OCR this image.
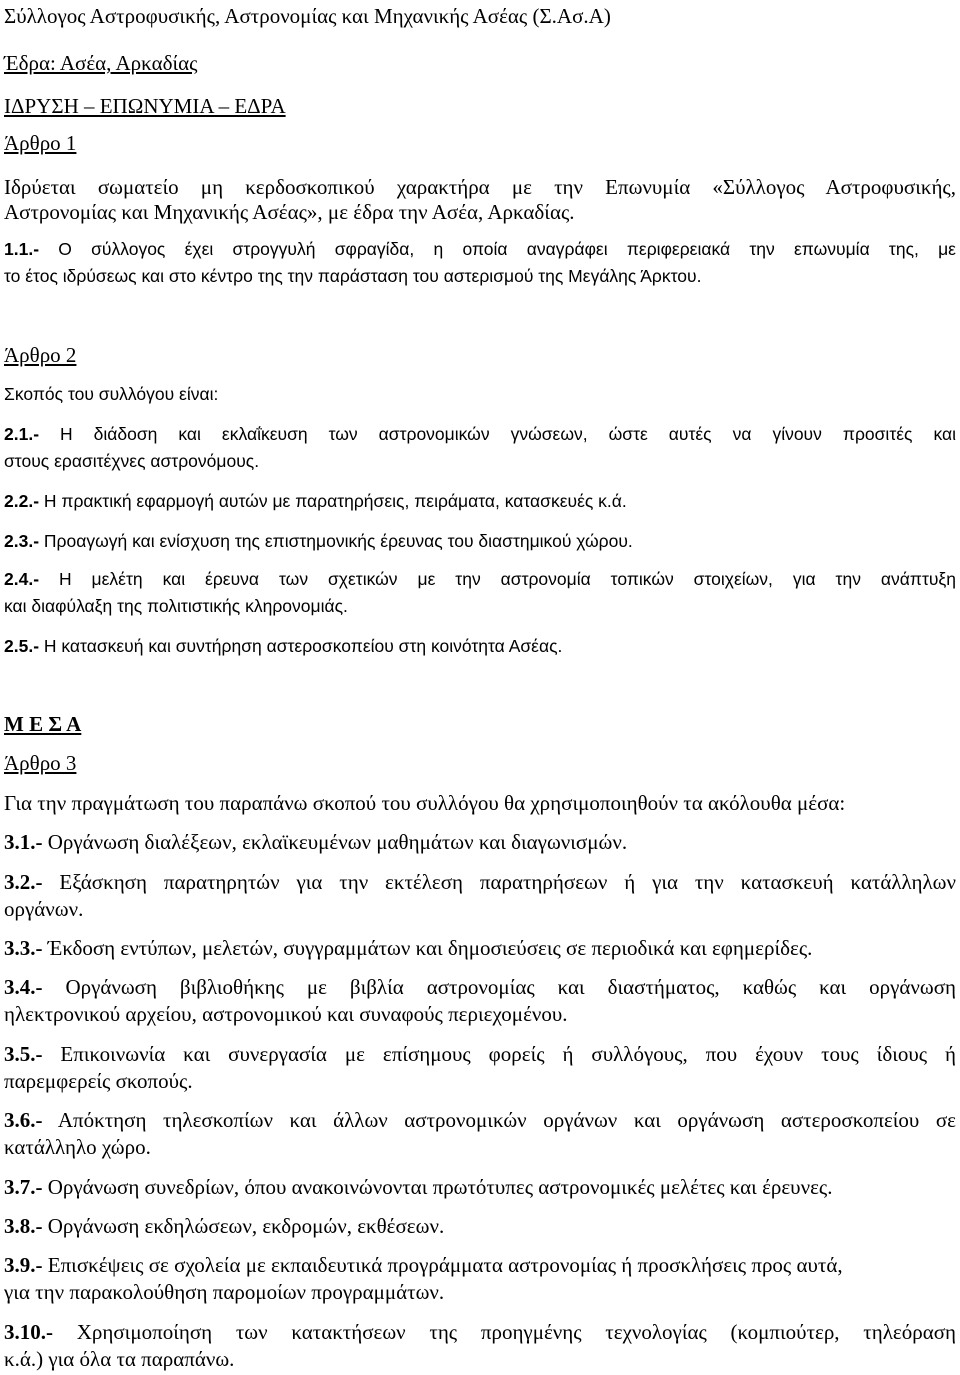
Σύλλογος Αστροφυσικής, Αστρονομίας και Μηχανικής Ασέας (Σ.Ασ.Α)
Έδρα: Ασέα, Αρκαδίας
ΙΔΡΥΣΗ – ΕΠΩΝΥΜΙΑ – ΕΔΡΑ
Άρθρο 1
Ιδρύεται σωματείο μη κερδοσκοπικού χαρακτήρα με την Επωνυμία «Σύλλογος Αστροφυσικής,
Αστρονομίας και Μηχανικής Ασέας», με έδρα την Ασέα, Αρκαδίας.
1.1.- Ο σύλλογος έχει στρογγυλή σφραγίδα, η οποία αναγράφει περιφερειακά την επωνυμία της, με
το έτος ιδρύσεως και στο κέντρο της την παράσταση του αστερισμού της Μεγάλης Άρκτου.
Άρθρο 2
Σκοπός του συλλόγου είναι:
2.1.- Η διάδοση και εκλαΐκευση των αστρονομικών γνώσεων, ώστε αυτές να γίνουν προσιτές και
στους ερασιτέχνες αστρονόμους.
2.2.- Η πρακτική εφαρμογή αυτών με παρατηρήσεις, πειράματα, κατασκευές κ.ά.
2.3.- Προαγωγή και ενίσχυση της επιστημονικής έρευνας του διαστημικού χώρου.
2.4.- Η μελέτη και έρευνα των σχετικών με την αστρονομία τοπικών στοιχείων, για την ανάπτυξη
και διαφύλαξη της πολιτιστικής κληρονομιάς.
2.5.- Η κατασκευή και συντήρηση αστεροσκοπείου στη κοινότητα Ασέας.
Μ Ε Σ Α
Άρθρο 3
Για την πραγμάτωση του παραπάνω σκοπού του συλλόγου θα χρησιμοποιηθούν τα ακόλουθα μέσα:
3.1.- Οργάνωση διαλέξεων, εκλαϊκευμένων μαθημάτων και διαγωνισμών.
3.2.- Εξάσκηση παρατηρητών για την εκτέλεση παρατηρήσεων ή για την κατασκευή κατάλληλων
οργάνων.
3.3.- Έκδοση εντύπων, μελετών, συγγραμμάτων και δημοσιεύσεις σε περιοδικά και εφημερίδες.
3.4.- Οργάνωση βιβλιοθήκης με βιβλία αστρονομίας και διαστήματος, καθώς και οργάνωση
ηλεκτρονικού αρχείου, αστρονομικού και συναφούς περιεχομένου.
3.5.- Επικοινωνία και συνεργασία με επίσημους φορείς ή συλλόγους, που έχουν τους ίδιους ή
παρεμφερείς σκοπούς.
3.6.- Απόκτηση τηλεσκοπίων και άλλων αστρονομικών οργάνων και οργάνωση αστεροσκοπείου σε
κατάλληλο χώρο.
3.7.- Οργάνωση συνεδρίων, όπου ανακοινώνονται πρωτότυπες αστρονομικές μελέτες και έρευνες.
3.8.- Οργάνωση εκδηλώσεων, εκδρομών, εκθέσεων.
3.9.- Επισκέψεις σε σχολεία με εκπαιδευτικά προγράμματα αστρονομίας ή προσκλήσεις προς αυτά,
για την παρακολούθηση παρομοίων προγραμμάτων.
3.10.- Χρησιμοποίηση των κατακτήσεων της προηγμένης τεχνολογίας (κομπιούτερ, τηλεόραση
κ.ά.) για όλα τα παραπάνω.
